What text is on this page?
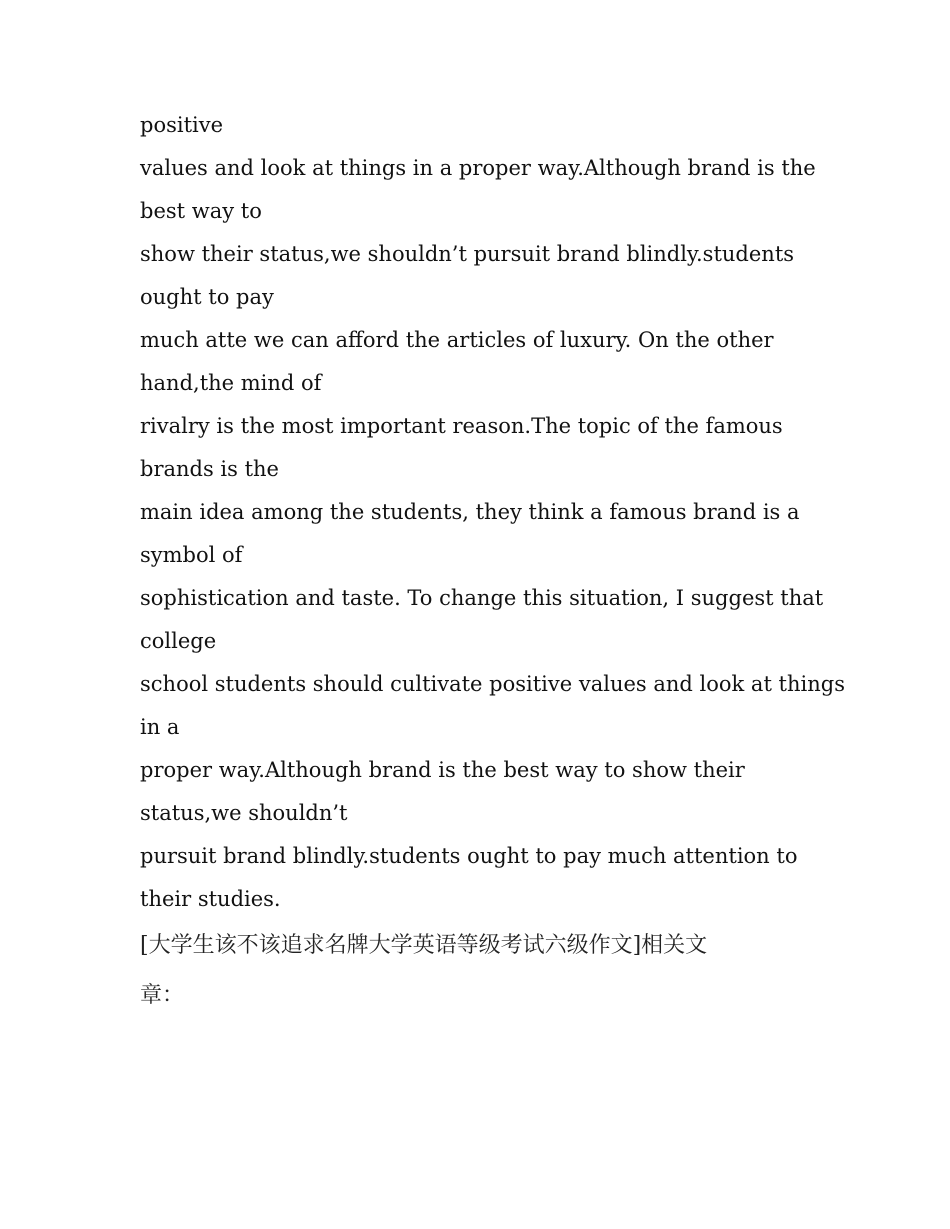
positive
values and look at things in a proper way.Although brand is the
best way to
show their status,we shouldn’t pursuit brand blindly.students
ought to pay
much atte we can afford the articles of luxury. On the other
hand,the mind of
rivalry is the most important reason.The topic of the famous
brands is the
main idea among the students, they think a famous brand is a
symbol of
sophistication and taste. To change this situation, I suggest that
college
school students should cultivate positive values and look at things
in a
proper way.Although brand is the best way to show their
status,we shouldn’t
pursuit brand blindly.students ought to pay much attention to
their studies.
[大学生该不该追求名牌大学英语等级考试六级作文]相关文
章：
